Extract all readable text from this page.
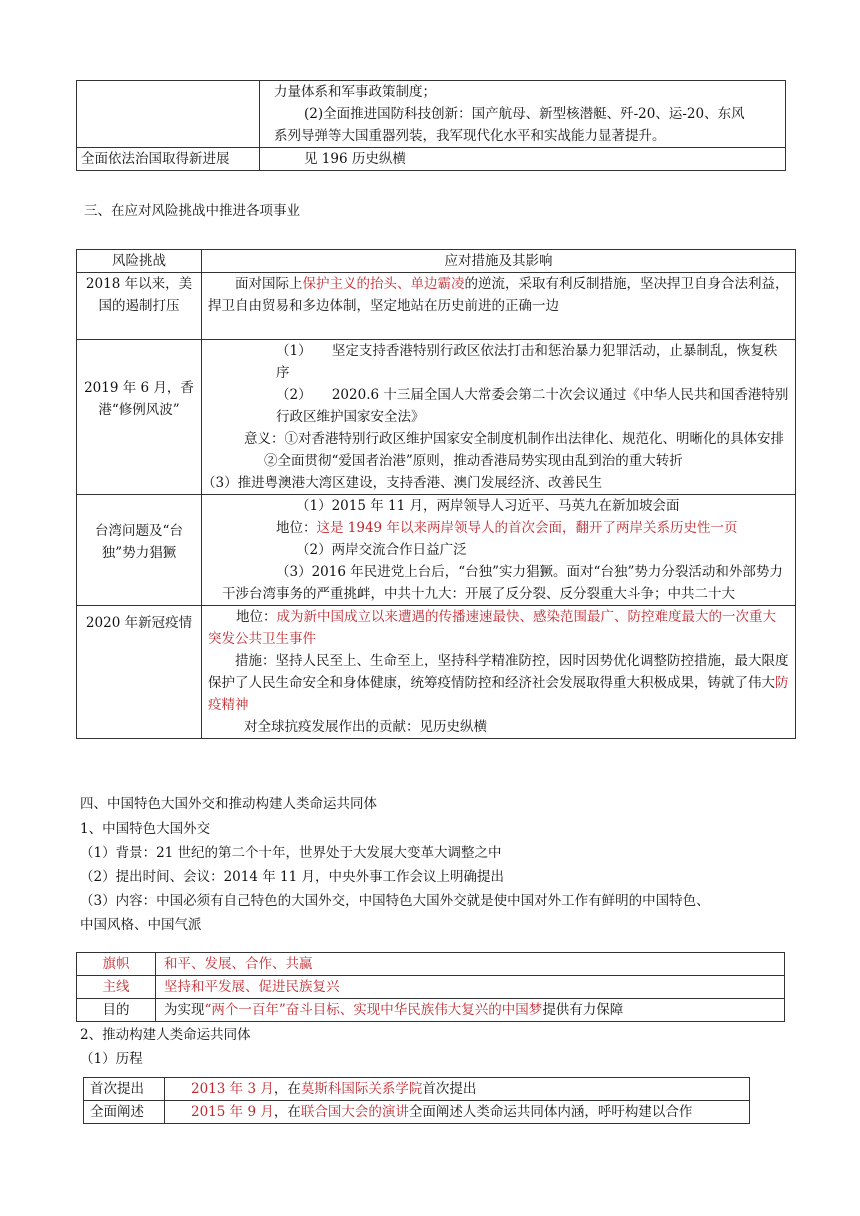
	力量体系和军事政策制度；
(2)全面推进国防科技创新：国产航母、新型核潜艇、歼-20、运-20、东风
系列导弹等大国重器列装，我军现代化水平和实战能力显著提升。

全面依法治国取得新进展	见 196 历史纵横
三、在应对风险挑战中推进各项事业
风险挑战	应对措施及其影响
2018 年以来，美国的遏制打压	面对国际上保护主义的抬头、单边霸凌的逆流，采取有利反制措施，坚决捍卫自身合法利益，捍卫自由贸易和多边体制，坚定地站在历史前进的正确一边

2019 年 6 月，香港“修例风波”	（1）　　坚定支持香港特别行政区依法打击和惩治暴力犯罪活动，止暴制乱，恢复秩序

（2）　　2020.6 十三届全国人大常委会第二十次会议通过《中华人民共和国香港特别行政区维护国家安全法》

意义：①对香港特别行政区维护国家安全制度机制作出法律化、规范化、明晰化的具体安排

②全面贯彻“爱国者治港”原则，推动香港局势实现由乱到治的重大转折

（3）推进粤澳港大湾区建设，支持香港、澳门发展经济、改善民生

台湾问题及“台独”势力猖獗	（1）2015 年 11 月，两岸领导人习近平、马英九在新加坡会面

地位：这是 1949 年以来两岸领导人的首次会面，翻开了两岸关系历史性一页

（2）两岸交流合作日益广泛

（3）2016 年民进党上台后，“台独”实力猖獗。面对“台独”势力分裂活动和外部势力干涉台湾事务的严重挑衅，中共十九大：开展了反分裂、反分裂重大斗争；中共二十大

2020 年新冠疫情	地位：成为新中国成立以来遭遇的传播速速最快、感染范围最广、防控难度最大的一次重大突发公共卫生事件

措施：坚持人民至上、生命至上，坚持科学精准防控，因时因势优化调整防控措施，最大限度保护了人民生命安全和身体健康，统筹疫情防控和经济社会发展取得重大积极成果，铸就了伟大防疫精神

对全球抗疫发展作出的贡献：见历史纵横

四、中国特色大国外交和推动构建人类命运共同体
1、中国特色大国外交
（1）背景：21 世纪的第二个十年，世界处于大发展大变革大调整之中
（2）提出时间、会议：2014 年 11 月，中央外事工作会议上明确提出
（3）内容：中国必须有自己特色的大国外交，中国特色大国外交就是使中国对外工作有鲜明的中国特色、
中国风格、中国气派
旗帜	和平、发展、合作、共赢
主线	坚持和平发展、促进民族复兴
目的	为实现“两个一百年”奋斗目标、实现中华民族伟大复兴的中国梦提供有力保障
2、推动构建人类命运共同体
（1）历程
首次提出	2013 年 3 月，在莫斯科国际关系学院首次提出
全面阐述	2015 年 9 月，在联合国大会的演讲全面阐述人类命运共同体内涵，呼吁构建以合作
